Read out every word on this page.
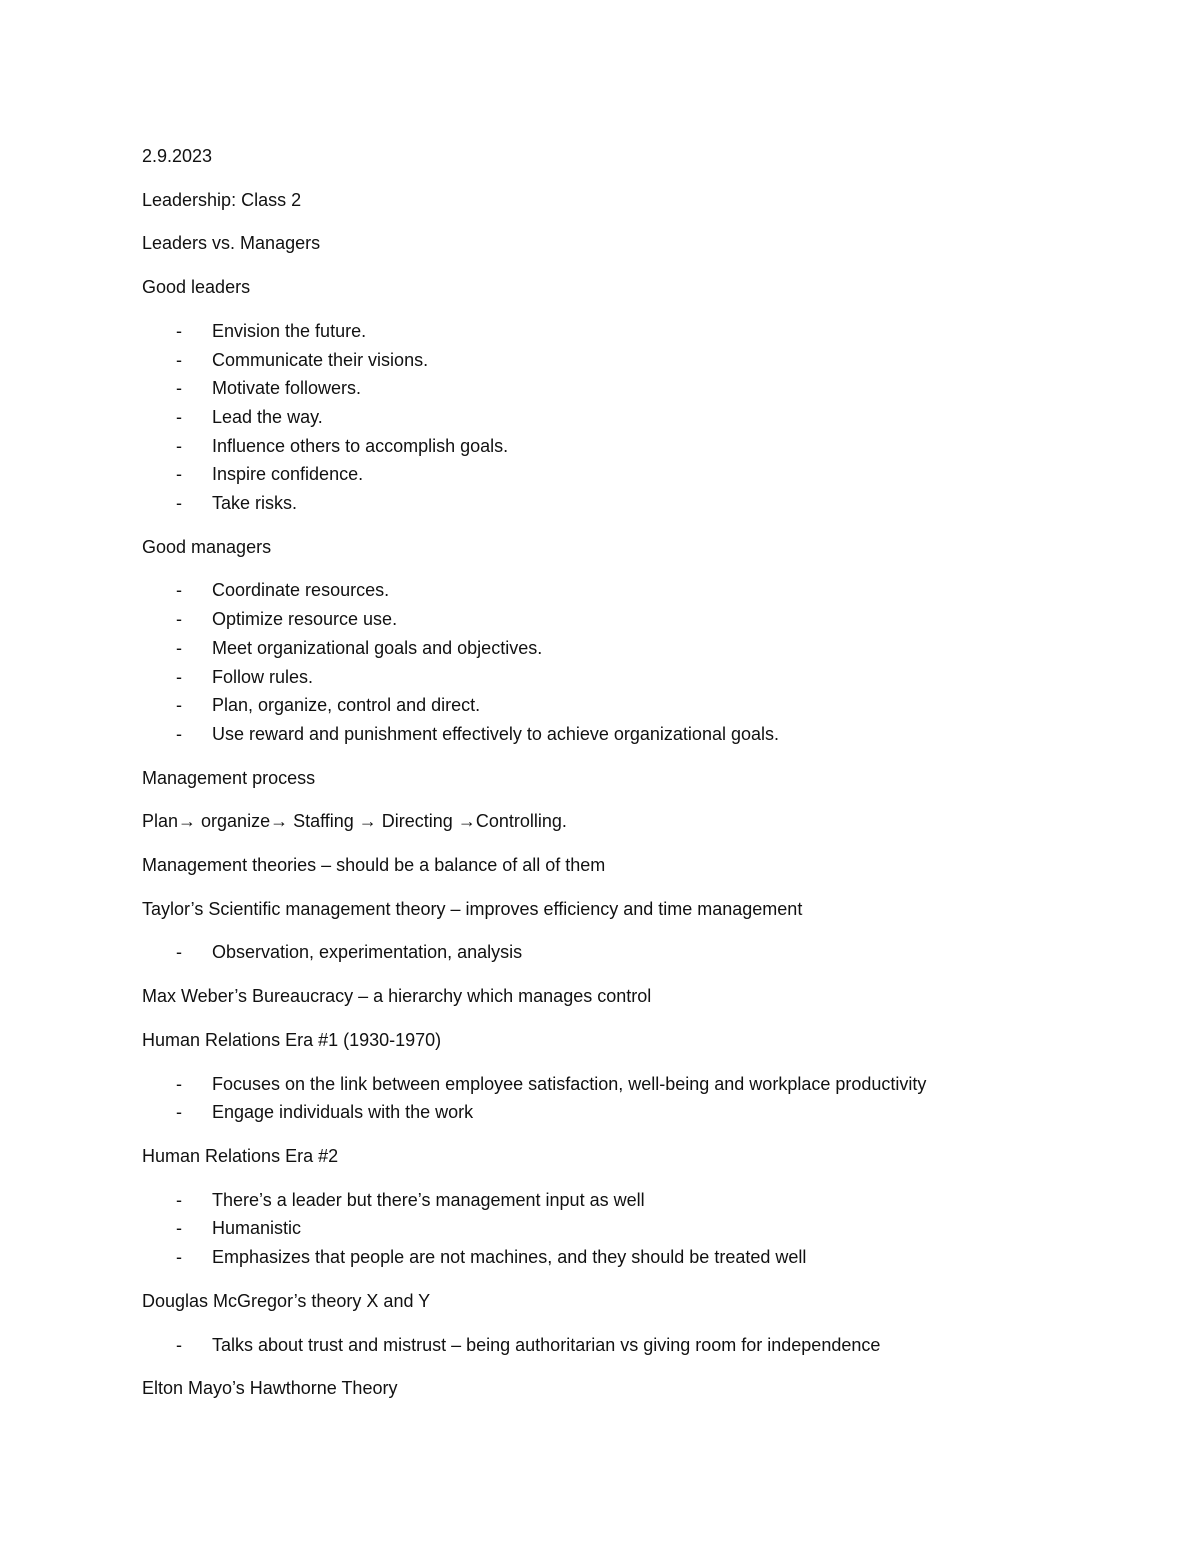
2.9.2023

Leadership: Class 2

Leaders vs. Managers

Good leaders

- Envision the future.
- Communicate their visions.
- Motivate followers.
- Lead the way.
- Influence others to accomplish goals.
- Inspire confidence.
- Take risks.

Good managers

- Coordinate resources.
- Optimize resource use.
- Meet organizational goals and objectives.
- Follow rules.
- Plan, organize, control and direct.
- Use reward and punishment effectively to achieve organizational goals.

Management process

Plan→ organize→ Staffing → Directing →Controlling.

Management theories – should be a balance of all of them

Taylor’s Scientific management theory – improves efficiency and time management

- Observation, experimentation, analysis

Max Weber’s Bureaucracy – a hierarchy which manages control

Human Relations Era #1 (1930-1970)

- Focuses on the link between employee satisfaction, well-being and workplace productivity
- Engage individuals with the work

Human Relations Era #2

- There’s a leader but there’s management input as well
- Humanistic
- Emphasizes that people are not machines, and they should be treated well

Douglas McGregor’s theory X and Y

- Talks about trust and mistrust – being authoritarian vs giving room for independence

Elton Mayo’s Hawthorne Theory
